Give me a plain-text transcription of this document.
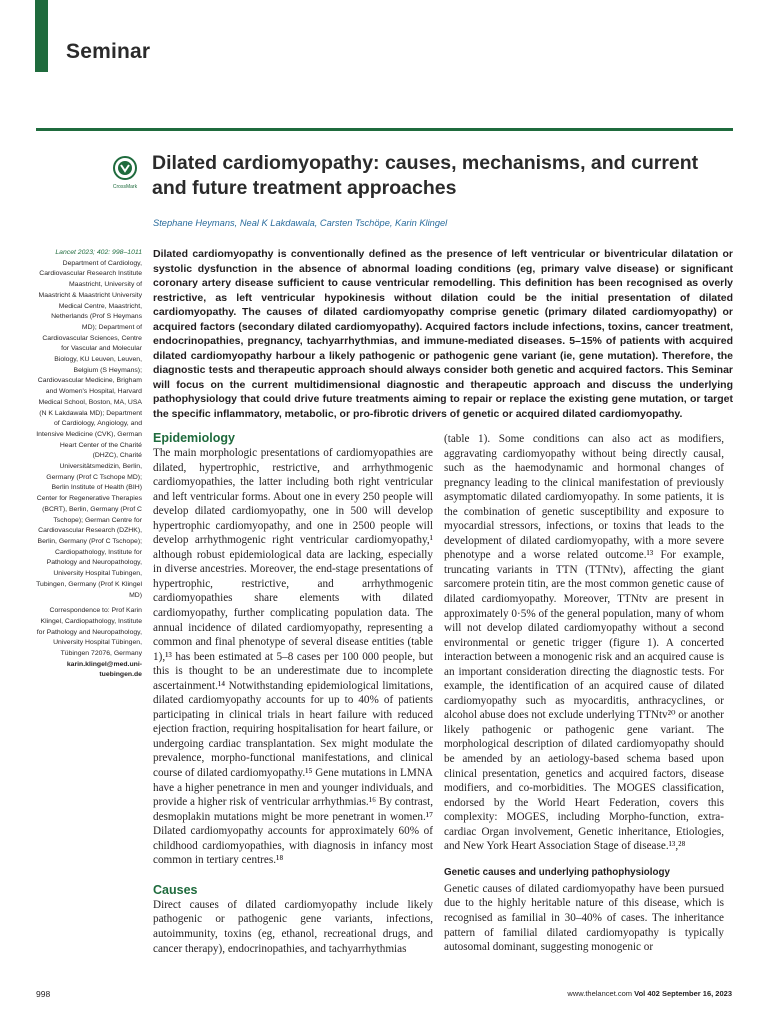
Seminar
CrossMark
Dilated cardiomyopathy: causes, mechanisms, and current and future treatment approaches
Stephane Heymans, Neal K Lakdawala, Carsten Tschöpe, Karin Klingel

Lancet 2023; 402: 998–1011

Department of Cardiology, Cardiovascular Research Institute Maastricht, University of Maastricht & Maastricht University Medical Centre, Maastricht, Netherlands (Prof S Heymans MD); Department of Cardiovascular Sciences, Centre for Vascular and Molecular Biology, KU Leuven, Leuven, Belgium (S Heymans); Cardiovascular Medicine, Brigham and Women's Hospital, Harvard Medical School, Boston, MA, USA (N K Lakdawala MD); Department of Cardiology, Angiology, and Intensive Medicine (CVK), German Heart Center of the Charité (DHZC), Charité Universitätsmedizin, Berlin, Germany (Prof C Tschope MD); Berlin Institute of Health (BIH) Center for Regenerative Therapies (BCRT), Berlin, Germany (Prof C Tschope); German Centre for Cardiovascular Research (DZHK), Berlin, Germany (Prof C Tschope); Cardiopathology, Institute for Pathology and Neuropathology, University Hospital Tubingen, Tubingen, Germany (Prof K Klingel MD)

Correspondence to: Prof Karin Klingel, Cardiopathology, Institute for Pathology and Neuropathology, University Hospital Tübingen, Tübingen 72076, Germany

karin.klingel@med.uni-tuebingen.de

Dilated cardiomyopathy is conventionally defined as the presence of left ventricular or biventricular dilatation or systolic dysfunction in the absence of abnormal loading conditions (eg, primary valve disease) or significant coronary artery disease sufficient to cause ventricular remodelling. This definition has been recognised as overly restrictive, as left ventricular hypokinesis without dilation could be the initial presentation of dilated cardiomyopathy. The causes of dilated cardiomyopathy comprise genetic (primary dilated cardiomyopathy) or acquired factors (secondary dilated cardiomyopathy). Acquired factors include infections, toxins, cancer treatment, endocrinopathies, pregnancy, tachyarrhythmias, and immune-mediated diseases. 5–15% of patients with acquired dilated cardiomyopathy harbour a likely pathogenic or pathogenic gene variant (ie, gene mutation). Therefore, the diagnostic tests and therapeutic approach should always consider both genetic and acquired factors. This Seminar will focus on the current multidimensional diagnostic and therapeutic approach and discuss the underlying pathophysiology that could drive future treatments aiming to repair or replace the existing gene mutation, or target the specific inflammatory, metabolic, or pro-fibrotic drivers of genetic or acquired dilated cardiomyopathy.

Epidemiology

The main morphologic presentations of cardiomyopathies are dilated, hypertrophic, restrictive, and arrhythmogenic cardiomyopathies, the latter including both right ventricular and left ventricular forms. About one in every 250 people will develop dilated cardiomyopathy, one in 500 will develop hypertrophic cardiomyopathy, and one in 2500 people will develop arrhythmogenic right ventricular cardiomyopathy,¹ although robust epidemiological data are lacking, especially in diverse ancestries. Moreover, the end-stage presentations of hypertrophic, restrictive, and arrhythmogenic cardiomyopathies share elements with dilated cardiomyopathy, further complicating population data. The annual incidence of dilated cardiomyopathy, representing a common and final phenotype of several disease entities (table 1),¹³ has been estimated at 5–8 cases per 100 000 people, but this is thought to be an underestimate due to incomplete ascertainment.¹⁴ Notwithstanding epidemiological limitations, dilated cardiomyopathy accounts for up to 40% of patients participating in clinical trials in heart failure with reduced ejection fraction, requiring hospitalisation for heart failure, or undergoing cardiac transplantation. Sex might modulate the prevalence, morpho-functional manifestations, and clinical course of dilated cardiomyopathy.¹⁵ Gene mutations in LMNA have a higher penetrance in men and younger individuals, and provide a higher risk of ventricular arrhythmias.¹⁶ By contrast, desmoplakin mutations might be more penetrant in women.¹⁷ Dilated cardiomyopathy accounts for approximately 60% of childhood cardiomyopathies, with diagnosis in infancy most common in tertiary centres.¹⁸

Causes

Direct causes of dilated cardiomyopathy include likely pathogenic or pathogenic gene variants, infections, autoimmunity, toxins (eg, ethanol, recreational drugs, and cancer therapy), endocrinopathies, and tachyarrhythmias

(table 1). Some conditions can also act as modifiers, aggravating cardiomyopathy without being directly causal, such as the haemodynamic and hormonal changes of pregnancy leading to the clinical manifestation of previously asymptomatic dilated cardiomyopathy. In some patients, it is the combination of genetic susceptibility and exposure to myocardial stressors, infections, or toxins that leads to the development of dilated cardiomyopathy, with a more severe phenotype and a worse related outcome.¹³ For example, truncating variants in TTN (TTNtv), affecting the giant sarcomere protein titin, are the most common genetic cause of dilated cardiomyopathy. Moreover, TTNtv are present in approximately 0·5% of the general population, many of whom will not develop dilated cardiomyopathy without a second environmental or genetic trigger (figure 1). A concerted interaction between a monogenic risk and an acquired cause is an important consideration directing the diagnostic tests. For example, the identification of an acquired cause of dilated cardiomyopathy such as myocarditis, anthracyclines, or alcohol abuse does not exclude underlying TTNtv²⁰ or another likely pathogenic or pathogenic gene variant. The morphological description of dilated cardiomyopathy should be amended by an aetiology-based schema based upon clinical presentation, genetics and acquired factors, disease modifiers, and co-morbidities. The MOGES classification, endorsed by the World Heart Federation, covers this complexity: MOGES, including Morpho-function, extra-cardiac Organ involvement, Genetic inheritance, Etiologies, and New York Heart Association Stage of disease.¹³,²⁸

Genetic causes and underlying pathophysiology

Genetic causes of dilated cardiomyopathy have been pursued due to the highly heritable nature of this disease, which is recognised as familial in 30–40% of cases. The inheritance pattern of familial dilated cardiomyopathy is typically autosomal dominant, suggesting monogenic or

998	www.thelancet.com Vol 402 September 16, 2023
